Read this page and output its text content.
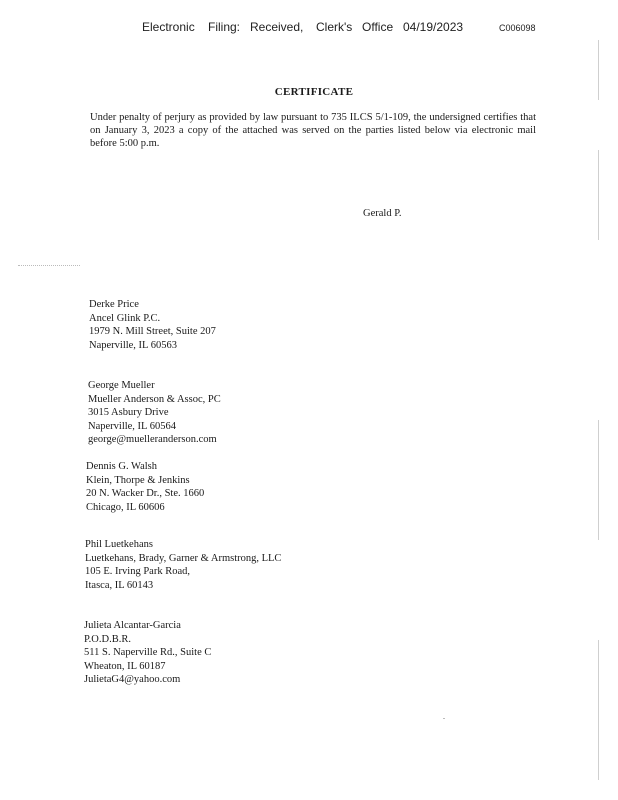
Electronic Filing: Received, Clerk's Office 04/19/2023	C006098
CERTIFICATE
Under penalty of perjury as provided by law pursuant to 735 ILCS 5/1-109, the undersigned certifies that on January 3, 2023 a copy of the attached was served on the parties listed below via electronic mail before 5:00 p.m.
Gerald P.
Derke Price
Ancel Glink P.C.
1979 N. Mill Street, Suite 207
Naperville, IL 60563
George Mueller
Mueller Anderson & Assoc, PC
3015 Asbury Drive
Naperville, IL 60564
george@muelleranderson.com
Dennis G. Walsh
Klein, Thorpe & Jenkins
20 N. Wacker Dr., Ste. 1660
Chicago, IL 60606
Phil Luetkehans
Luetkehans, Brady, Garner & Armstrong, LLC
105 E. Irving Park Road,
Itasca, IL 60143
Julieta Alcantar-Garcia
P.O.D.B.R.
511 S. Naperville Rd., Suite C
Wheaton, IL 60187
JulietaG4@yahoo.com
